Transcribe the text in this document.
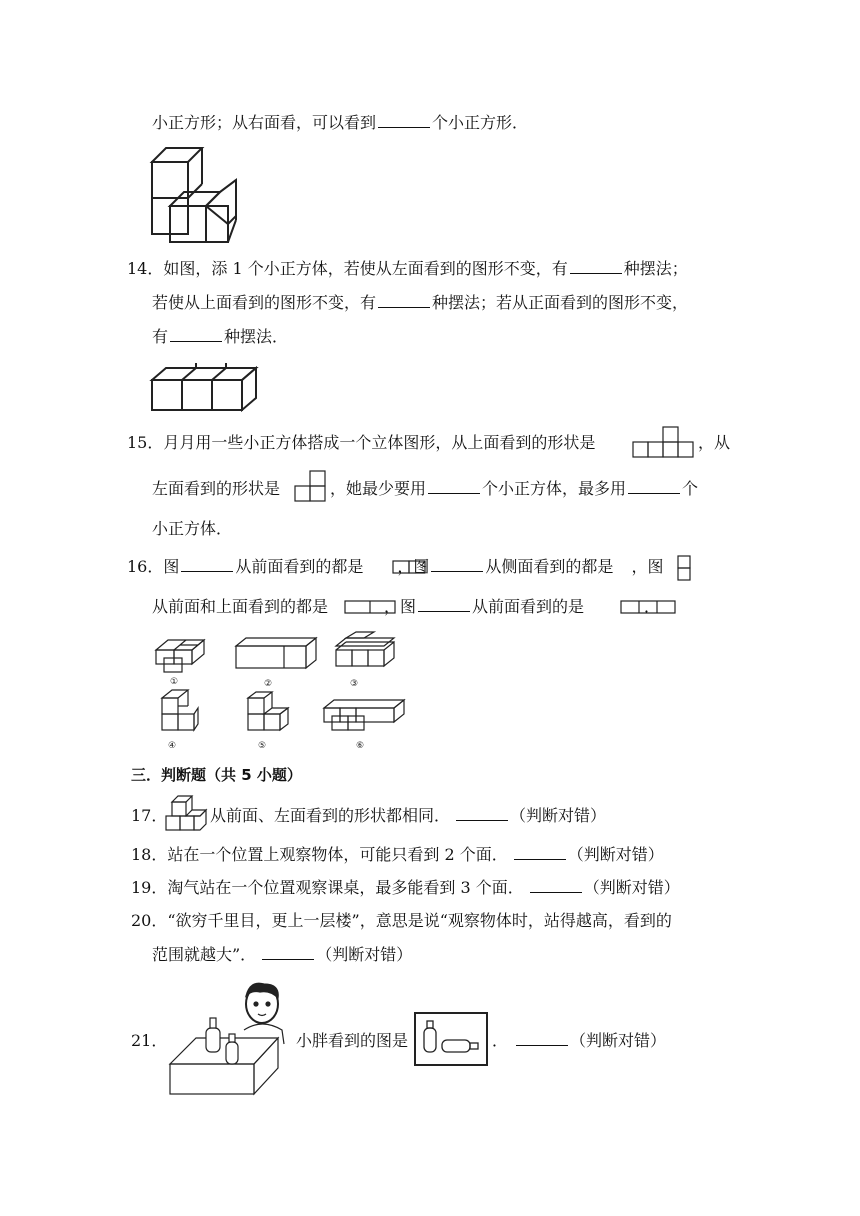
小正方形；从右面看，可以看到	个小正方形．
14．如图，添 1 个小正方体，若使从左面看到的图形不变，有	种摆法；
若使从上面看到的图形不变，有	种摆法；若从正面看到的图形不变，
有	种摆法．
15．月月用一些小正方体搭成一个立体图形，从上面看到的形状是	，从
左面看到的形状是	，她最少要用	个小正方体，最多用	个
小正方体．
16．图	从前面看到的都是 ，图	从侧面看到的都是 ，图
从前面和上面看到的都是	，图	从前面看到的是	．
①	②	③
④	⑤	⑥
三．判断题（共 5 小题）
17．	从前面、左面看到的形状都相同．	（判断对错）
18．站在一个位置上观察物体，可能只看到 2 个面．	（判断对错）
19．淘气站在一个位置观察课桌，最多能看到 3 个面．	（判断对错）
20．“欲穷千里目，更上一层楼”，意思是说“观察物体时，站得越高，看到的
范围就越大”．	（判断对错）
21．	小胖看到的图是	．	（判断对错）
